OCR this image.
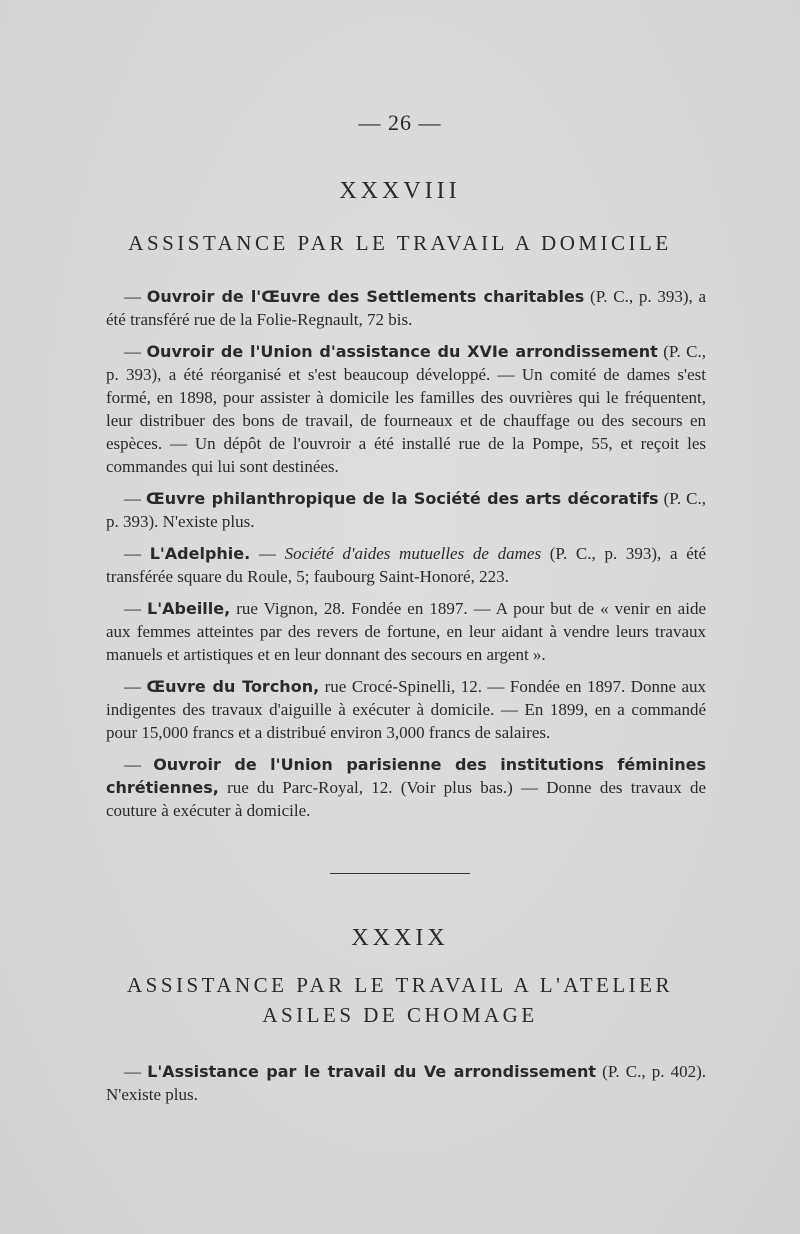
— 26 —
XXXVIII
ASSISTANCE PAR LE TRAVAIL A DOMICILE

— Ouvroir de l'Œuvre des Settlements charitables (P. C., p. 393), a été transféré rue de la Folie-Regnault, 72 bis.

— Ouvroir de l'Union d'assistance du XVIe arrondissement (P. C., p. 393), a été réorganisé et s'est beaucoup développé. — Un comité de dames s'est formé, en 1898, pour assister à domicile les familles des ouvrières qui le fréquentent, leur distribuer des bons de travail, de fourneaux et de chauffage ou des secours en espèces. — Un dépôt de l'ouvroir a été installé rue de la Pompe, 55, et reçoit les commandes qui lui sont destinées.

— Œuvre philanthropique de la Société des arts décoratifs (P. C., p. 393). N'existe plus.

— L'Adelphie. — Société d'aides mutuelles de dames (P. C., p. 393), a été transférée square du Roule, 5; faubourg Saint-Honoré, 223.

— L'Abeille, rue Vignon, 28. Fondée en 1897. — A pour but de « venir en aide aux femmes atteintes par des revers de fortune, en leur aidant à vendre leurs travaux manuels et artistiques et en leur donnant des secours en argent ».

— Œuvre du Torchon, rue Crocé-Spinelli, 12. — Fondée en 1897. Donne aux indigentes des travaux d'aiguille à exécuter à domicile. — En 1899, en a commandé pour 15,000 francs et a distribué environ 3,000 francs de salaires.

— Ouvroir de l'Union parisienne des institutions féminines chrétiennes, rue du Parc-Royal, 12. (Voir plus bas.) — Donne des travaux de couture à exécuter à domicile.

XXXIX
ASSISTANCE PAR LE TRAVAIL A L'ATELIER
ASILES DE CHOMAGE

— L'Assistance par le travail du Ve arrondissement (P. C., p. 402). N'existe plus.
